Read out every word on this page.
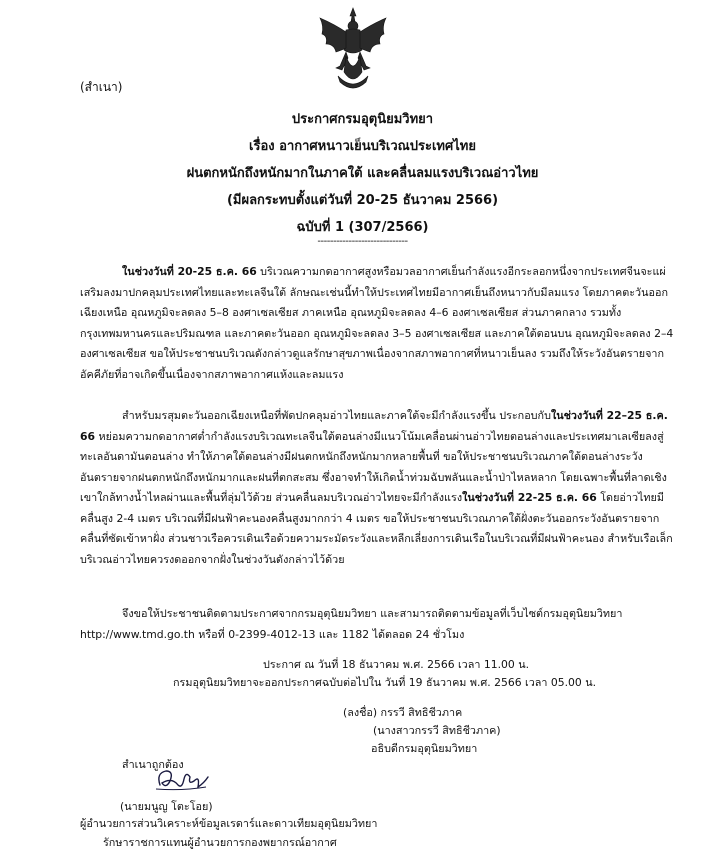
(สำเนา)
ประกาศกรมอุตุนิยมวิทยา
เรื่อง อากาศหนาวเย็นบริเวณประเทศไทย
ฝนตกหนักถึงหนักมากในภาคใต้ และคลื่นลมแรงบริเวณอ่าวไทย
(มีผลกระทบตั้งแต่วันที่ 20-25 ธันวาคม 2566)
ฉบับที่ 1 (307/2566)
-----------------------------
ในช่วงวันที่ 20-25 ธ.ค. 66 บริเวณความกดอากาศสูงหรือมวลอากาศเย็นกำลังแรงอีกระลอกหนึ่งจากประเทศจีนจะแผ่เสริมลงมาปกคลุมประเทศไทยและทะเลจีนใต้ ลักษณะเช่นนี้ทำให้ประเทศไทยมีอากาศเย็นถึงหนาวกับมีลมแรง โดยภาคตะวันออกเฉียงเหนือ อุณหภูมิจะลดลง 5–8 องศาเซลเซียส ภาคเหนือ อุณหภูมิจะลดลง 4–6 องศาเซลเซียส ส่วนภาคกลาง รวมทั้งกรุงเทพมหานครและปริมณฑล และภาคตะวันออก อุณหภูมิจะลดลง 3–5 องศาเซลเซียส และภาคใต้ตอนบน อุณหภูมิจะลดลง 2–4 องศาเซลเซียส ขอให้ประชาชนบริเวณดังกล่าวดูแลรักษาสุขภาพเนื่องจากสภาพอากาศที่หนาวเย็นลง รวมถึงให้ระวังอันตรายจากอัคคีภัยที่อาจเกิดขึ้นเนื่องจากสภาพอากาศแห้งและลมแรง
สำหรับมรสุมตะวันออกเฉียงเหนือที่พัดปกคลุมอ่าวไทยและภาคใต้จะมีกำลังแรงขึ้น ประกอบกับในช่วงวันที่ 22–25 ธ.ค. 66 หย่อมความกดอากาศต่ำกำลังแรงบริเวณทะเลจีนใต้ตอนล่างมีแนวโน้มเคลื่อนผ่านอ่าวไทยตอนล่างและประเทศมาเลเซียลงสู่ทะเลอันดามันตอนล่าง ทำให้ภาคใต้ตอนล่างมีฝนตกหนักถึงหนักมากหลายพื้นที่ ขอให้ประชาชนบริเวณภาคใต้ตอนล่างระวังอันตรายจากฝนตกหนักถึงหนักมากและฝนที่ตกสะสม ซึ่งอาจทำให้เกิดน้ำท่วมฉับพลันและน้ำป่าไหลหลาก โดยเฉพาะพื้นที่ลาดเชิงเขาใกล้ทางน้ำไหลผ่านและพื้นที่ลุ่มไว้ด้วย ส่วนคลื่นลมบริเวณอ่าวไทยจะมีกำลังแรงในช่วงวันที่ 22-25 ธ.ค. 66 โดยอ่าวไทยมีคลื่นสูง 2-4 เมตร บริเวณที่มีฝนฟ้าคะนองคลื่นสูงมากกว่า 4 เมตร ขอให้ประชาชนบริเวณภาคใต้ฝั่งตะวันออกระวังอันตรายจากคลื่นที่ซัดเข้าหาฝั่ง ส่วนชาวเรือควรเดินเรือด้วยความระมัดระวังและหลีกเลี่ยงการเดินเรือในบริเวณที่มีฝนฟ้าคะนอง สำหรับเรือเล็กบริเวณอ่าวไทยควรงดออกจากฝั่งในช่วงวันดังกล่าวไว้ด้วย
จึงขอให้ประชาชนติดตามประกาศจากกรมอุตุนิยมวิทยา และสามารถติดตามข้อมูลที่เว็บไซต์กรมอุตุนิยมวิทยา http://www.tmd.go.th หรือที่ 0-2399-4012-13 และ 1182 ได้ตลอด 24 ชั่วโมง
ประกาศ ณ วันที่ 18 ธันวาคม พ.ศ. 2566 เวลา 11.00 น.
กรมอุตุนิยมวิทยาจะออกประกาศฉบับต่อไปใน วันที่ 19 ธันวาคม พ.ศ. 2566 เวลา 05.00 น.
(ลงชื่อ) กรรวี สิทธิชีวภาค
(นางสาวกรรวี สิทธิชีวภาค)
อธิบดีกรมอุตุนิยมวิทยา
สำเนาถูกต้อง
(นายมนูญ โตะโอย)
ผู้อำนวยการส่วนวิเคราะห์ข้อมูลเรดาร์และดาวเทียมอุตุนิยมวิทยา
รักษาราชการแทนผู้อำนวยการกองพยากรณ์อากาศ
